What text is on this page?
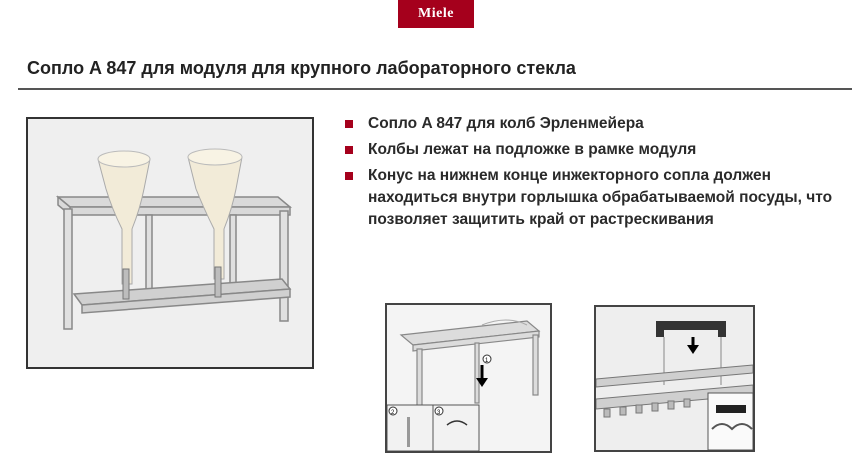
Miele
Сопло A 847 для модуля для крупного лабораторного стекла
Сопло A 847 для колб Эрленмейера
Колбы лежат на подложке в рамке модуля
Конус на нижнем конце инжекторного сопла должен находиться внутри горлышка обрабатываемой посуды, что позволяет защитить край от растрескивания
1
2	3
